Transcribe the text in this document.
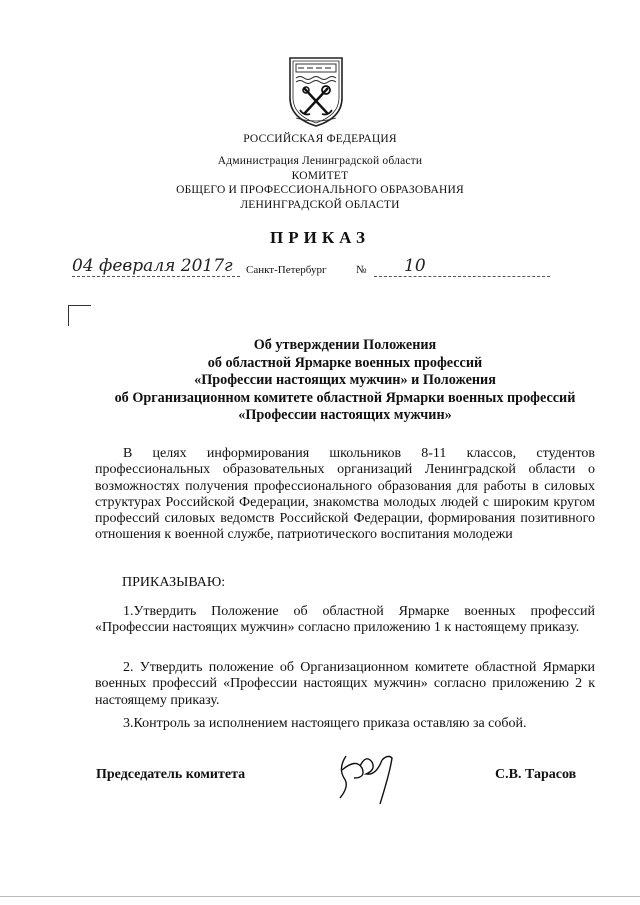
РОССИЙСКАЯ ФЕДЕРАЦИЯ
Администрация Ленинградской области
КОМИТЕТ
ОБЩЕГО И ПРОФЕССИОНАЛЬНОГО ОБРАЗОВАНИЯ
ЛЕНИНГРАДСКОЙ ОБЛАСТИ
ПРИКАЗ
04 февраля 2017г	Санкт-Петербург	№	10
Об утверждении Положения
об областной Ярмарке военных профессий
«Профессии настоящих мужчин» и Положения
об Организационном комитете областной Ярмарки военных профессий
«Профессии настоящих мужчин»
В целях информирования школьников 8-11 классов, студентов профессиональных образовательных организаций Ленинградской области о возможностях получения профессионального образования для работы в силовых структурах Российской Федерации, знакомства молодых людей с широким кругом профессий силовых ведомств Российской Федерации, формирования позитивного отношения к военной службе, патриотического воспитания молодежи
ПРИКАЗЫВАЮ:
1.Утвердить Положение об областной Ярмарке военных профессий «Профессии настоящих мужчин» согласно приложению 1 к настоящему приказу.
2. Утвердить положение об Организационном комитете областной Ярмарки военных профессий «Профессии настоящих мужчин» согласно приложению 2 к настоящему приказу.
3.Контроль за исполнением настоящего приказа оставляю за собой.
Председатель комитета	С.В. Тарасов
